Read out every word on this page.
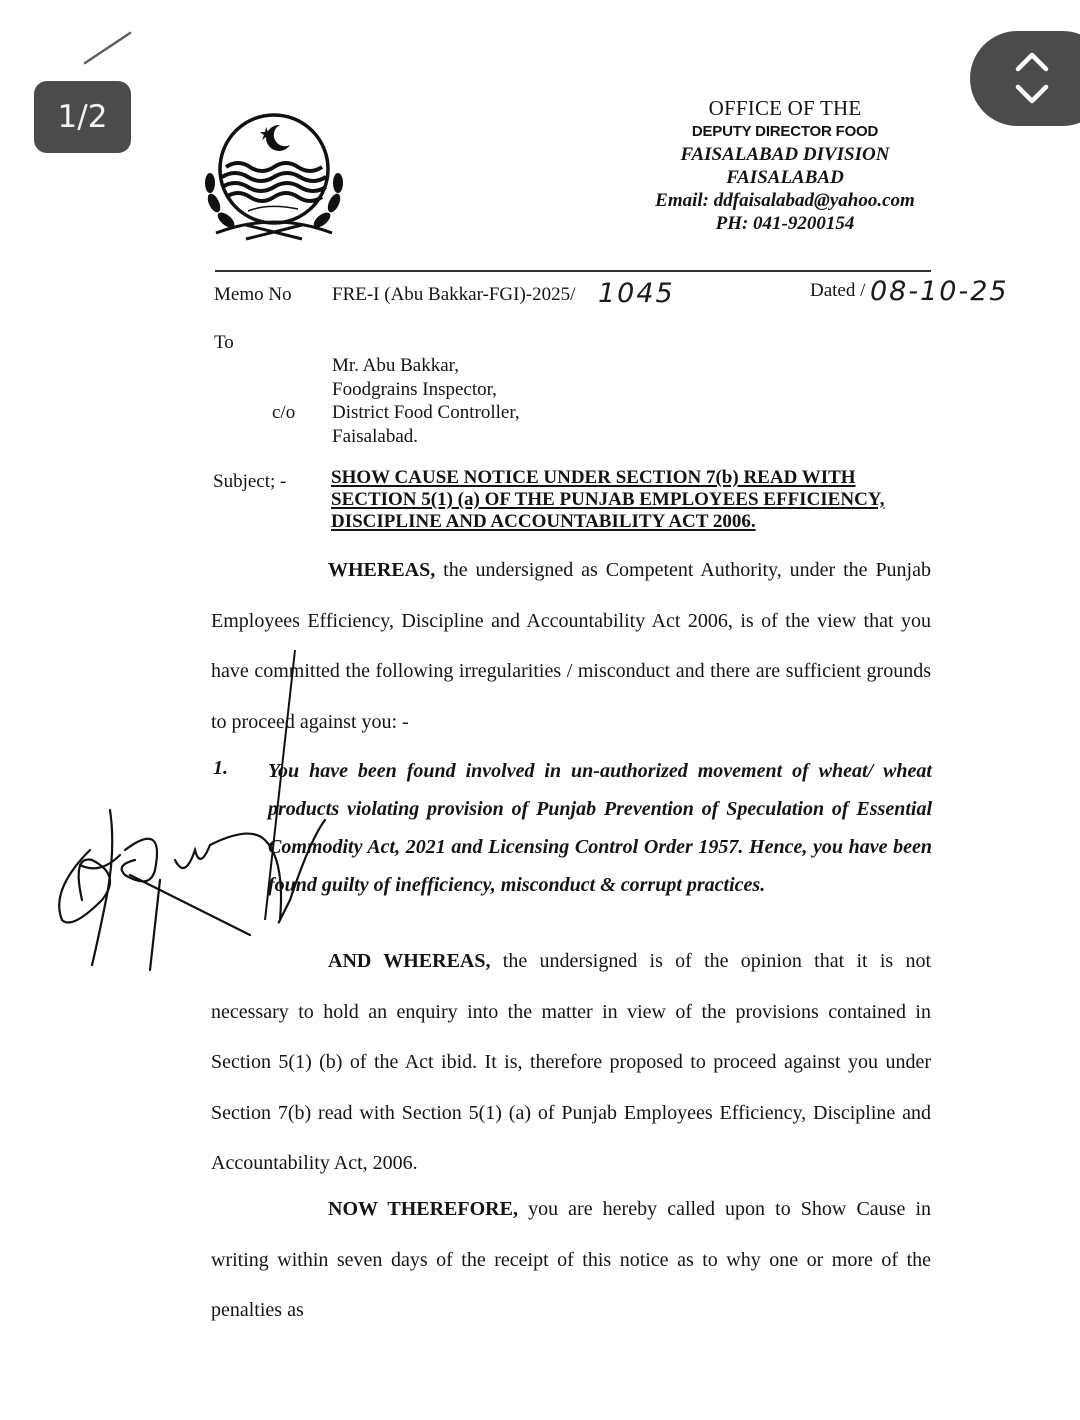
1/2	OFFICE OF THE
DEPUTY DIRECTOR FOOD
FAISALABAD DIVISION
FAISALABAD
Email: ddfaisalabad@yahoo.com
PH: 041-9200154
Memo No FRE-I (Abu Bakkar-FGI)-2025/ 1045	Dated / 08-10-25
To
c/o
Mr. Abu Bakkar,
Foodgrains Inspector,
District Food Controller,
Faisalabad.
Subject; - SHOW CAUSE NOTICE UNDER SECTION 7(b) READ WITH SECTION 5(1) (a) OF THE PUNJAB EMPLOYEES EFFICIENCY, DISCIPLINE AND ACCOUNTABILITY ACT 2006.
WHEREAS, the undersigned as Competent Authority, under the Punjab Employees Efficiency, Discipline and Accountability Act 2006, is of the view that you have committed the following irregularities / misconduct and there are sufficient grounds to proceed against you: -
1. You have been found involved in un-authorized movement of wheat/ wheat products violating provision of Punjab Prevention of Speculation of Essential Commodity Act, 2021 and Licensing Control Order 1957. Hence, you have been found guilty of inefficiency, misconduct & corrupt practices.
AND WHEREAS, the undersigned is of the opinion that it is not necessary to hold an enquiry into the matter in view of the provisions contained in Section 5(1) (b) of the Act ibid. It is, therefore proposed to proceed against you under Section 7(b) read with Section 5(1) (a) of Punjab Employees Efficiency, Discipline and Accountability Act, 2006.
NOW THEREFORE, you are hereby called upon to Show Cause in writing within seven days of the receipt of this notice as to why one or more of the penalties as
